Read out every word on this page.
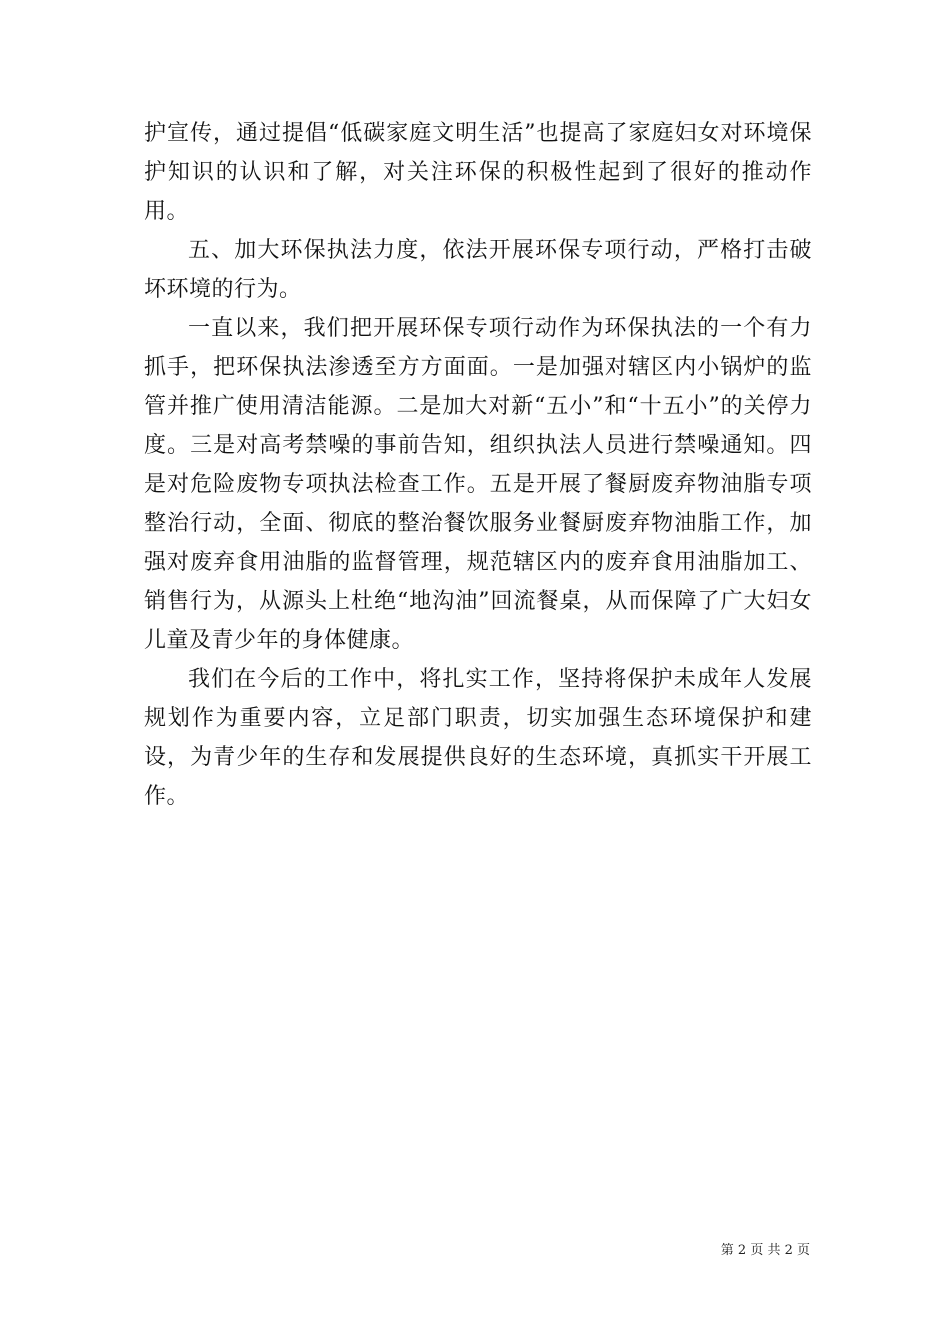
护宣传，通过提倡“低碳家庭文明生活”也提高了家庭妇女对环境保护知识的认识和了解，对关注环保的积极性起到了很好的推动作用。

五、加大环保执法力度，依法开展环保专项行动，严格打击破坏环境的行为。

一直以来，我们把开展环保专项行动作为环保执法的一个有力抓手，把环保执法渗透至方方面面。一是加强对辖区内小锅炉的监管并推广使用清洁能源。二是加大对新“五小”和“十五小”的关停力度。三是对高考禁噪的事前告知，组织执法人员进行禁噪通知。四是对危险废物专项执法检查工作。五是开展了餐厨废弃物油脂专项整治行动，全面、彻底的整治餐饮服务业餐厨废弃物油脂工作，加强对废弃食用油脂的监督管理，规范辖区内的废弃食用油脂加工、销售行为，从源头上杜绝“地沟油”回流餐桌，从而保障了广大妇女儿童及青少年的身体健康。

我们在今后的工作中，将扎实工作，坚持将保护未成年人发展规划作为重要内容，立足部门职责，切实加强生态环境保护和建设，为青少年的生存和发展提供良好的生态环境，真抓实干开展工作。

第 2 页 共 2 页
